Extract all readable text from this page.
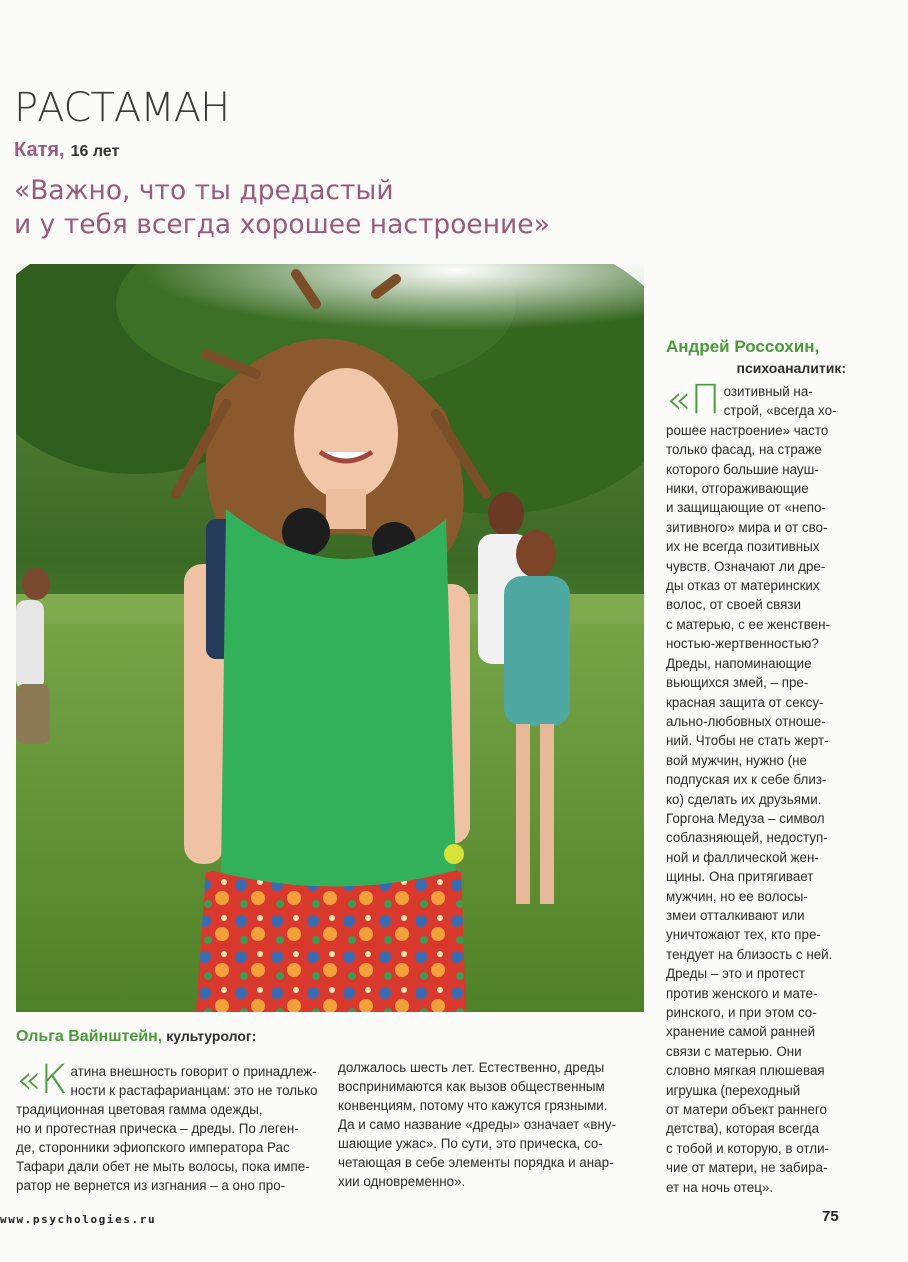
РАСТАМАН
Катя, 16 лет
«Важно, что ты дредастый
и у тебя всегда хорошее настроение»
Андрей Россохин,
психоаналитик:
«П озитивный на-
строй, «всегда хо-
рошее настроение» часто
только фасад, на страже
которого большие науш-
ники, отгораживающие
и защищающие от «непо-
зитивного» мира и от сво-
их не всегда позитивных
чувств. Означают ли дре-
ды отказ от материнских
волос, от своей связи
с матерью, с ее женствен-
ностью-жертвенностью?
Дреды, напоминающие
вьющихся змей, – пре-
красная защита от сексу-
ально-любовных отноше-
ний. Чтобы не стать жерт-
вой мужчин, нужно (не
подпуская их к себе близ-
ко) сделать их друзьями.
Горгона Медуза – символ
соблазняющей, недоступ-
ной и фаллической жен-
щины. Она притягивает
мужчин, но ее волосы-
змеи отталкивают или
уничтожают тех, кто пре-
тендует на близость с ней.
Дреды – это и протест
против женского и мате-
ринского, и при этом со-
хранение самой ранней
связи с матерью. Они
словно мягкая плюшевая
игрушка (переходный
от матери объект раннего
детства), которая всегда
с тобой и которую, в отли-
чие от матери, не забира-
ет на ночь отец».
Ольга Вайнштейн, культуролог:
«К атина внешность говорит о принадлеж-
ности к растафарианцам: это не только
традиционная цветовая гамма одежды,
но и протестная прическа – дреды. По леген-
де, сторонники эфиопского императора Рас
Тафари дали обет не мыть волосы, пока импе-
ратор не вернется из изгнания – а оно про-
должалось шесть лет. Естественно, дреды
воспринимаются как вызов общественным
конвенциям, потому что кажутся грязными.
Да и само название «дреды» означает «вну-
шающие ужас». По сути, это прическа, со-
четающая в себе элементы порядка и анар-
хии одновременно».
www.psychologies.ru	75
